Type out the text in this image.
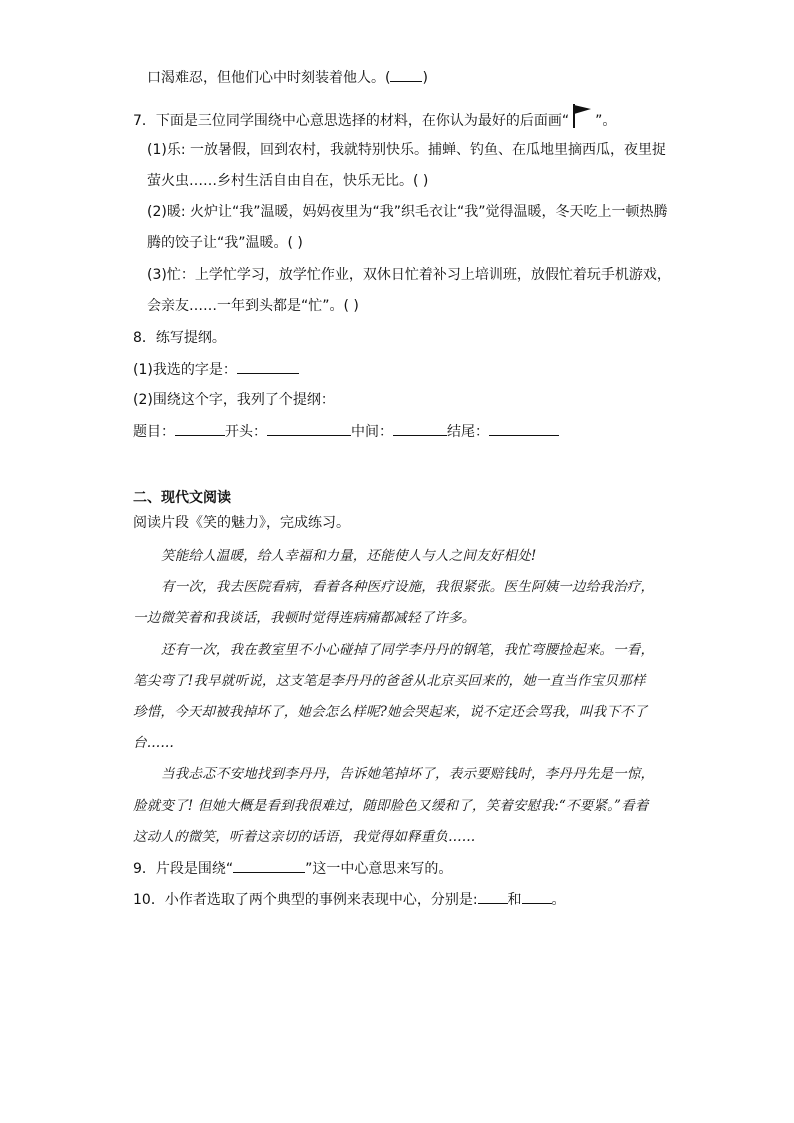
口渴难忍，但他们心中时刻装着他人。( )
7．下面是三位同学围绕中心意思选择的材料，在你认为最好的后面画“ ”。
(1)乐: 一放暑假，回到农村，我就特别快乐。捕蝉、钓鱼、在瓜地里摘西瓜，夜里捉
萤火虫……乡村生活自由自在，快乐无比。( )
(2)暖: 火炉让“我”温暖，妈妈夜里为“我”织毛衣让“我”觉得温暖，冬天吃上一顿热腾
腾的饺子让“我”温暖。( )
(3)忙：上学忙学习，放学忙作业，双休日忙着补习上培训班，放假忙着玩手机游戏，
会亲友……一年到头都是“忙”。( )
8．练写提纲。
(1)我选的字是：
(2)围绕这个字，我列了个提纲：
题目：	开头：	中间：	结尾：
二、现代文阅读
阅读片段《笑的魅力》，完成练习。
笑能给人温暖，给人幸福和力量，还能使人与人之间友好相处!
有一次，我去医院看病，看着各种医疗设施，我很紧张。医生阿姨一边给我治疗，
一边微笑着和我谈话，我顿时觉得连病痛都减轻了许多。
还有一次，我在教室里不小心碰掉了同学李丹丹的钢笔，我忙弯腰捡起来。一看，
笔尖弯了!我早就听说，这支笔是李丹丹的爸爸从北京买回来的，她一直当作宝贝那样
珍惜，今天却被我掉坏了，她会怎么样呢?她会哭起来，说不定还会骂我，叫我下不了
台……
当我忐忑不安地找到李丹丹，告诉她笔掉坏了，表示要赔钱时，李丹丹先是一惊，
脸就变了! 但她大概是看到我很难过，随即脸色又缓和了，笑着安慰我:“不要紧。”看着
这动人的微笑，听着这亲切的话语，我觉得如释重负……
9．片段是围绕“	”这一中心意思来写的。
10．小作者选取了两个典型的事例来表现中心，分别是: 和 。
